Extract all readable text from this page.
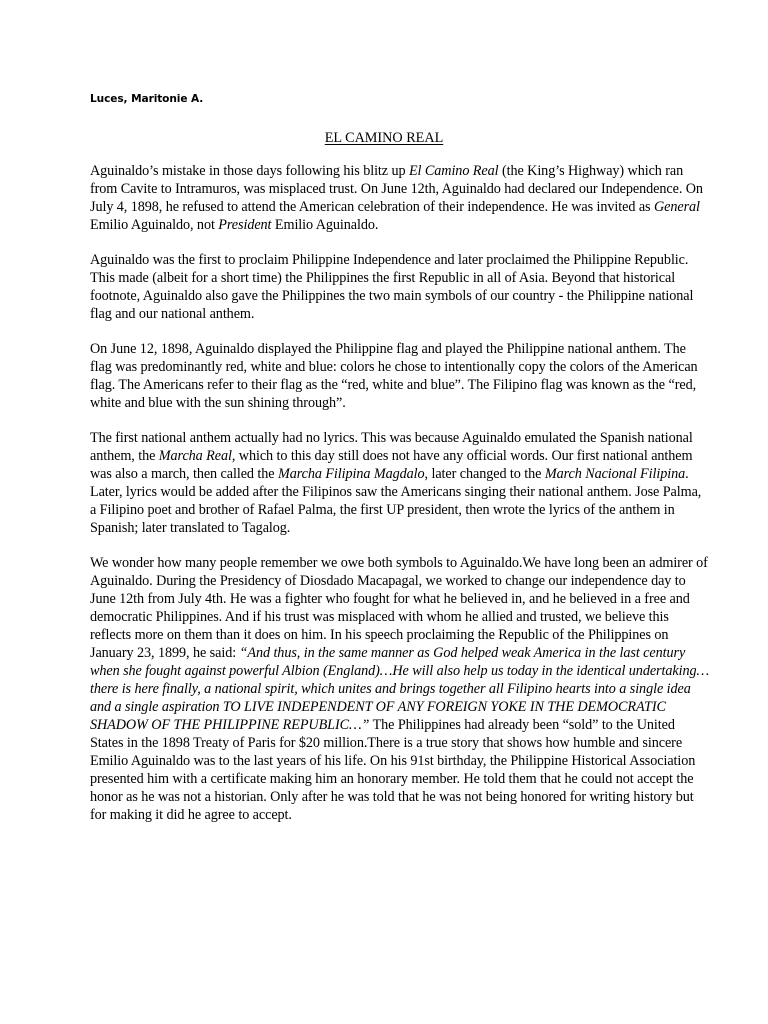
Luces, Maritonie A.
EL CAMINO REAL

Aguinaldo’s mistake in those days following his blitz up El Camino Real (the King’s Highway) which ran from Cavite to Intramuros, was misplaced trust. On June 12th, Aguinaldo had declared our Independence. On July 4, 1898, he refused to attend the American celebration of their independence. He was invited as General Emilio Aguinaldo, not President Emilio Aguinaldo.

Aguinaldo was the first to proclaim Philippine Independence and later proclaimed the Philippine Republic. This made (albeit for a short time) the Philippines the first Republic in all of Asia. Beyond that historical footnote, Aguinaldo also gave the Philippines the two main symbols of our country - the Philippine national flag and our national anthem.

On June 12, 1898, Aguinaldo displayed the Philippine flag and played the Philippine national anthem. The flag was predominantly red, white and blue: colors he chose to intentionally copy the colors of the American flag. The Americans refer to their flag as the “red, white and blue”. The Filipino flag was known as the “red, white and blue with the sun shining through”.

The first national anthem actually had no lyrics. This was because Aguinaldo emulated the Spanish national anthem, the Marcha Real, which to this day still does not have any official words. Our first national anthem was also a march, then called the Marcha Filipina Magdalo, later changed to the March Nacional Filipina. Later, lyrics would be added after the Filipinos saw the Americans singing their national anthem. Jose Palma, a Filipino poet and brother of Rafael Palma, the first UP president, then wrote the lyrics of the anthem in Spanish; later translated to Tagalog.

We wonder how many people remember we owe both symbols to Aguinaldo.We have long been an admirer of Aguinaldo. During the Presidency of Diosdado Macapagal, we worked to change our independence day to June 12th from July 4th. He was a fighter who fought for what he believed in, and he believed in a free and democratic Philippines. And if his trust was misplaced with whom he allied and trusted, we believe this reflects more on them than it does on him. In his speech proclaiming the Republic of the Philippines on January 23, 1899, he said: “And thus, in the same manner as God helped weak America in the last century when she fought against powerful Albion (England)…He will also help us today in the identical undertaking…there is here finally, a national spirit, which unites and brings together all Filipino hearts into a single idea and a single aspiration TO LIVE INDEPENDENT OF ANY FOREIGN YOKE IN THE DEMOCRATIC SHADOW OF THE PHILIPPINE REPUBLIC…” The Philippines had already been “sold” to the United States in the 1898 Treaty of Paris for $20 million.There is a true story that shows how humble and sincere Emilio Aguinaldo was to the last years of his life. On his 91st birthday, the Philippine Historical Association presented him with a certificate making him an honorary member. He told them that he could not accept the honor as he was not a historian. Only after he was told that he was not being honored for writing history but for making it did he agree to accept.
